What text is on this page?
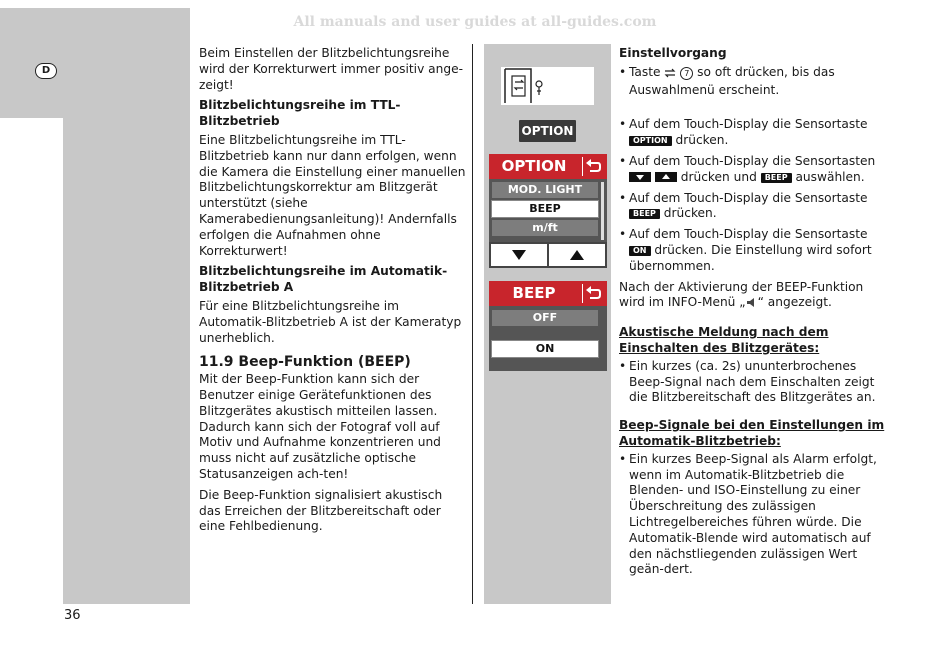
All manuals and user guides at all-guides.com
D
36

Beim Einstellen der Blitzbelichtungsreihe wird der Korrekturwert immer positiv ange-zeigt!

Blitzbelichtungsreihe im TTL-Blitzbetrieb

Eine Blitzbelichtungsreihe im TTL-Blitzbetrieb kann nur dann erfolgen, wenn die Kamera die Einstellung einer manuellen Blitzbelichtungskorrektur am Blitzgerät unterstützt (siehe Kamerabedienungsanleitung)! Andernfalls erfolgen die Aufnahmen ohne Korrekturwert!

Blitzbelichtungsreihe im Automatik-Blitzbetrieb A

Für eine Blitzbelichtungsreihe im Automatik-Blitzbetrieb A ist der Kameratyp unerheblich.

11.9 Beep-Funktion (BEEP)

Mit der Beep-Funktion kann sich der Benutzer einige Gerätefunktionen des Blitzgerätes akustisch mitteilen lassen. Dadurch kann sich der Fotograf voll auf Motiv und Aufnahme konzentrieren und muss nicht auf zusätzliche optische Statusanzeigen ach-ten!

Die Beep-Funktion signalisiert akustisch das Erreichen der Blitzbereitschaft oder eine Fehlbedienung.

OPTION
OPTION
MOD. LIGHT
BEEP
m/ft
BEEP
OFF
ON
Einstellvorgang

• Taste	7 so oft drücken, bis das Auswahlmenü erscheint.

• Auf dem Touch-Display die Sensortaste OPTION drücken.

• Auf dem Touch-Display die Sensortasten

drücken und BEEP auswählen.

• Auf dem Touch-Display die Sensortaste BEEP drücken.

• Auf dem Touch-Display die Sensortaste ON drücken. Die Einstellung wird sofort übernommen.

Nach der Aktivierung der BEEP-Funktion wird im INFO-Menü „ “ angezeigt.

Akustische Meldung nach dem Einschalten des Blitzgerätes:

• Ein kurzes (ca. 2s) ununterbrochenes Beep-Signal nach dem Einschalten zeigt die Blitzbereitschaft des Blitzgerätes an.

Beep-Signale bei den Einstellungen im Automatik-Blitzbetrieb:

• Ein kurzes Beep-Signal als Alarm erfolgt, wenn im Automatik-Blitzbetrieb die Blenden- und ISO-Einstellung zu einer Überschreitung des zulässigen Lichtregelbereiches führen würde. Die Automatik-Blende wird automatisch auf den nächstliegenden zulässigen Wert geän-dert.
